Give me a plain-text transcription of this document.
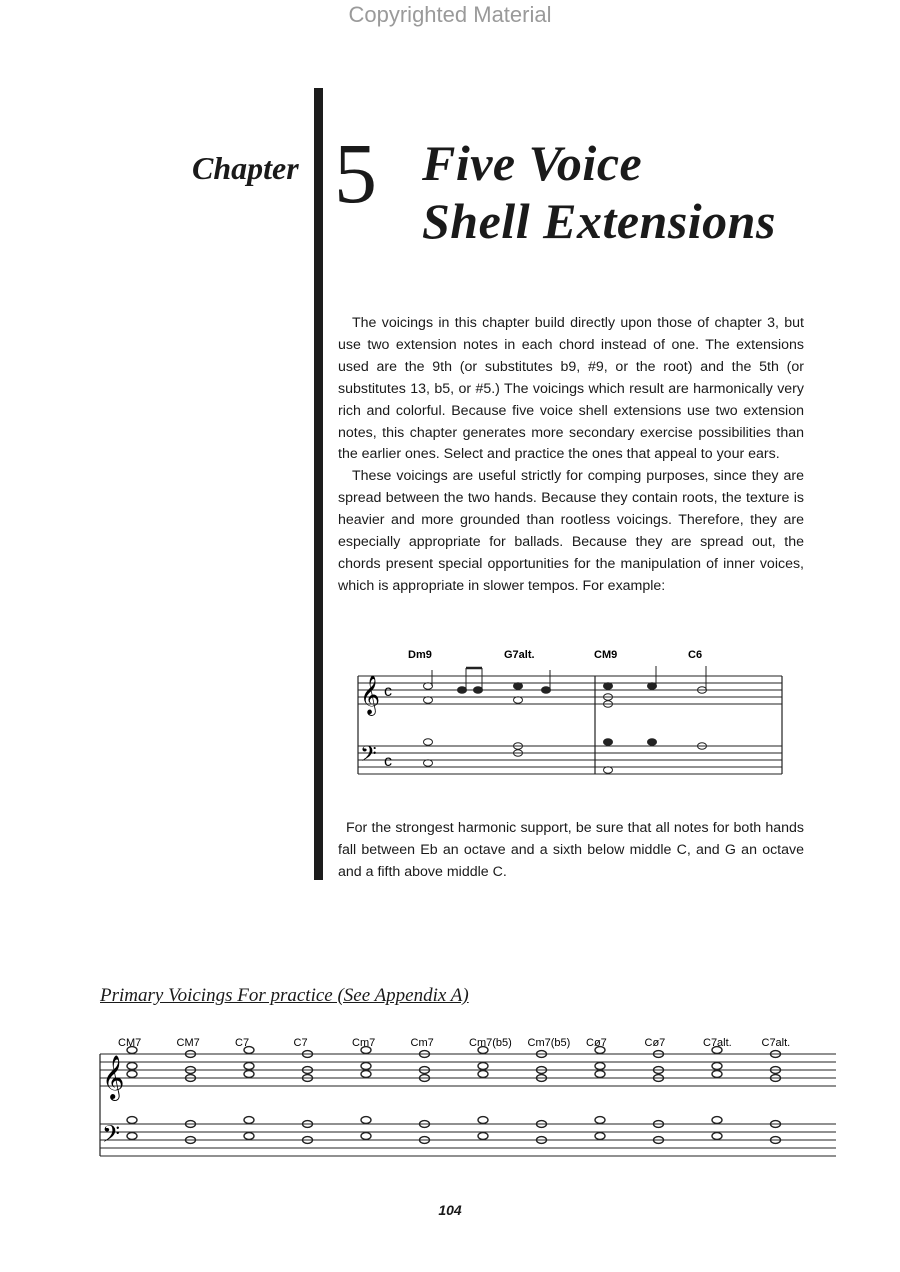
Copyrighted Material
Chapter 5 Five Voice
Shell Extensions

The voicings in this chapter build directly upon those of chapter 3, but use two extension notes in each chord instead of one. The extensions used are the 9th (or substitutes b9, #9, or the root) and the 5th (or substitutes 13, b5, or #5.) The voicings which result are harmonically very rich and colorful. Because five voice shell extensions use two extension notes, this chapter generates more secondary exercise possibilities than the earlier ones. Select and practice the ones that appeal to your ears.

These voicings are useful strictly for comping purposes, since they are spread between the two hands. Because they contain roots, the texture is heavier and more grounded than rootless voicings. Therefore, they are especially appropriate for ballads. Because they are spread out, the chords present special opportunities for the manipulation of inner voices, which is appropriate in slower tempos. For example:

Dm9	G7alt.	CM9	C6
𝄞
𝄢
c
c

For the strongest harmonic support, be sure that all notes for both hands fall between Eb an octave and a sixth below middle C, and G an octave and a fifth above middle C.

Primary Voicings For practice (See Appendix A)
CM7	CM7	C7	C7	Cm7	Cm7	Cm7(b5) Cm7(b5) Cø7	Cø7	C7alt.	C7alt.
𝄞
𝄢
104
